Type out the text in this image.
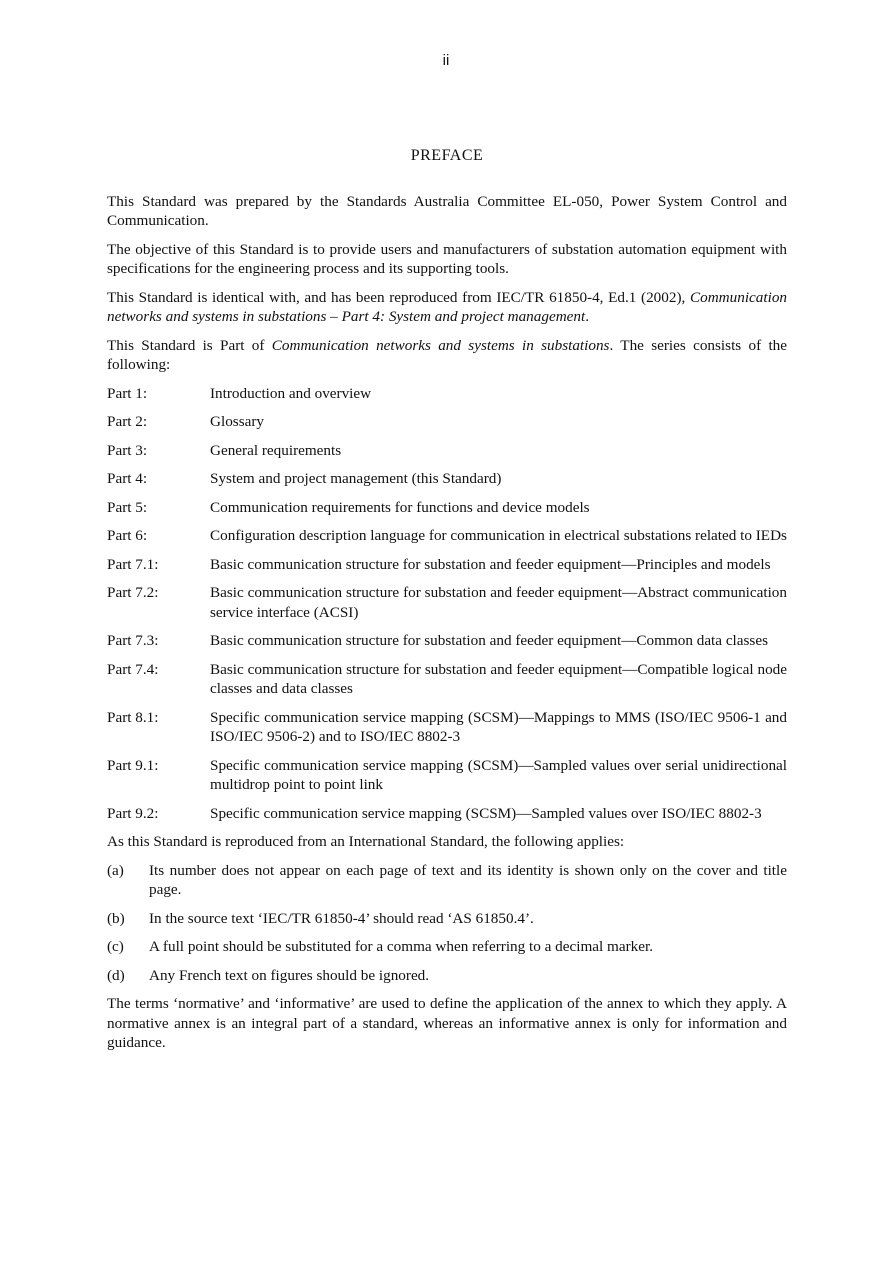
ii

PREFACE

This Standard was prepared by the Standards Australia Committee EL-050, Power System Control and Communication.

The objective of this Standard is to provide users and manufacturers of substation automation equipment with specifications for the engineering process and its supporting tools.

This Standard is identical with, and has been reproduced from IEC/TR 61850-4, Ed.1 (2002), Communication networks and systems in substations – Part 4: System and project management.

This Standard is Part of Communication networks and systems in substations. The series consists of the following:

Part 1:	Introduction and overview
Part 2:	Glossary
Part 3:	General requirements
Part 4:	System and project management (this Standard)
Part 5:	Communication requirements for functions and device models
Part 6:	Configuration description language for communication in electrical substations related to IEDs
Part 7.1:	Basic communication structure for substation and feeder equipment—Principles and models
Part 7.2:	Basic communication structure for substation and feeder equipment—Abstract communication service interface (ACSI)
Part 7.3:	Basic communication structure for substation and feeder equipment—Common data classes
Part 7.4:	Basic communication structure for substation and feeder equipment—Compatible logical node classes and data classes
Part 8.1:	Specific communication service mapping (SCSM)—Mappings to MMS (ISO/IEC 9506-1 and ISO/IEC 9506-2) and to ISO/IEC 8802-3
Part 9.1:	Specific communication service mapping (SCSM)—Sampled values over serial unidirectional multidrop point to point link
Part 9.2:	Specific communication service mapping (SCSM)—Sampled values over ISO/IEC 8802-3

As this Standard is reproduced from an International Standard, the following applies:

(a)	Its number does not appear on each page of text and its identity is shown only on the cover and title page.
(b)	In the source text ‘IEC/TR 61850-4’ should read ‘AS 61850.4’.
(c)	A full point should be substituted for a comma when referring to a decimal marker.
(d)	Any French text on figures should be ignored.

The terms ‘normative’ and ‘informative’ are used to define the application of the annex to which they apply. A normative annex is an integral part of a standard, whereas an informative annex is only for information and guidance.
